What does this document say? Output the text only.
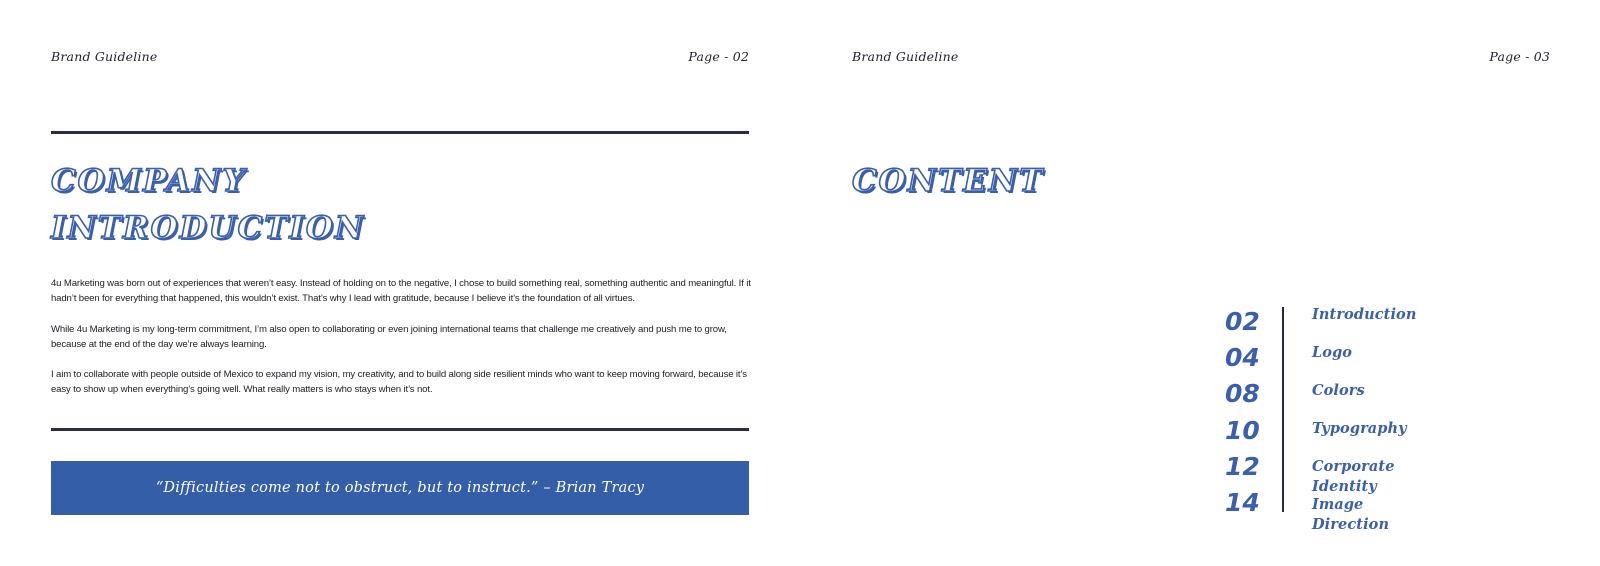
Brand Guideline	Page - 02
COMPANY
INTRODUCTION
4u Marketing was born out of experiences that weren’t easy. Instead of holding on to the negative, I chose to build something real, something authentic and meaningful. If it hadn’t been for everything that happened, this wouldn’t exist. That’s why I lead with gratitude, because I believe it’s the foundation of all virtues.
While 4u Marketing is my long-term commitment, I’m also open to collaborating or even joining international teams that challenge me creatively and push me to grow, because at the end of the day we’re always learning.
I aim to collaborate with people outside of Mexico to expand my vision, my creativity, and to build along side resilient minds who want to keep moving forward, because it’s easy to show up when everything’s going well. What really matters is who stays when it’s not.
“Difficulties come not to obstruct, but to instruct.” – Brian Tracy
Brand Guideline	Page - 03
CONTENT
02
04
08
10
12
14
Introduction
Logo
Colors
Typography
Corporate Identity
Image Direction
